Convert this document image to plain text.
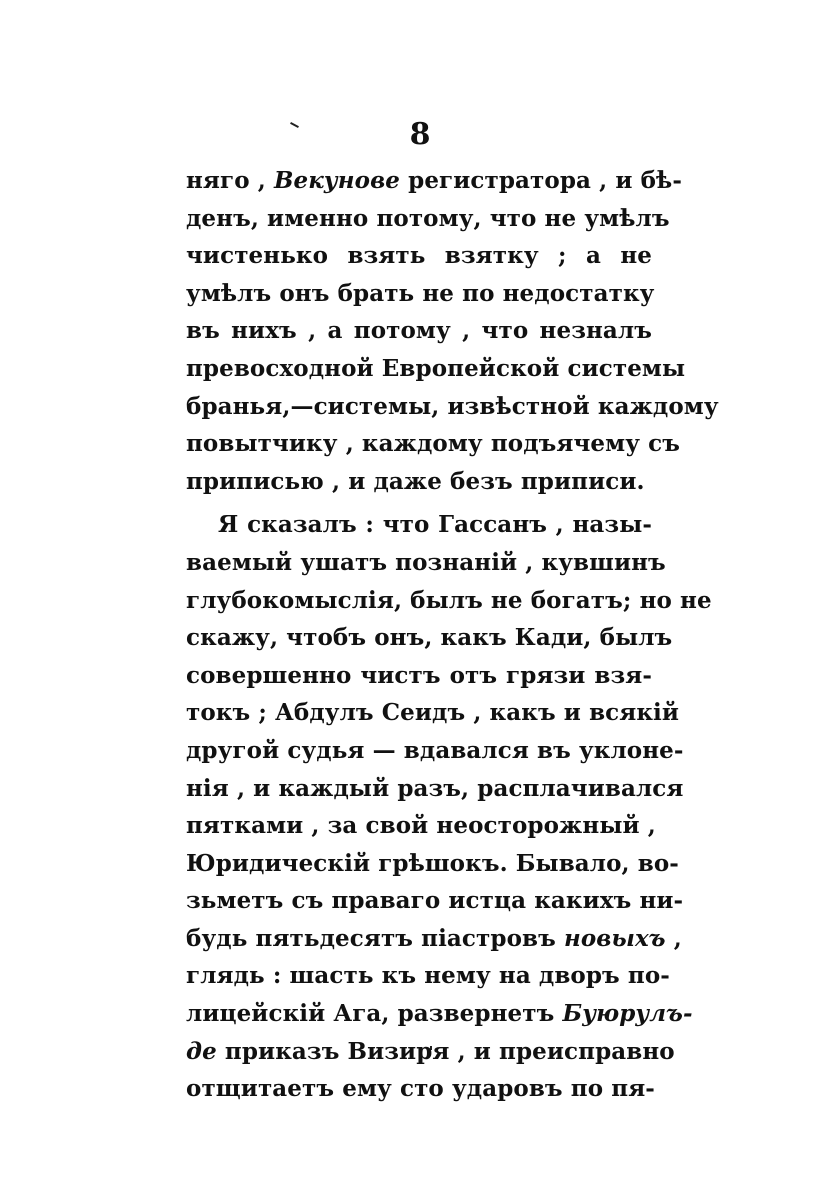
8
няго , Векунове регистратора , и бѣ-
денъ, именно потому, что не умѣлъ
чистенько взять взятку ; а не
умѣлъ онъ брать не по недостатку
въ нихъ , а потому , что незналъ
превосходной Европейской системы
бранья,—системы, извѣстной каждому
повытчику , каждому подъячему съ
приписью , и даже безъ приписи.
Я сказалъ : что Гассанъ , назы-
ваемый ушатъ познаній , кувшинъ
глубокомыслія, былъ не богатъ; но не
скажу, чтобъ онъ, какъ Кади, былъ
совершенно чистъ отъ грязи взя-
токъ ; Абдулъ Сеидъ , какъ и всякій
другой судья — вдавался въ уклоне-
нія , и каждый разъ, расплачивался
пятками , за свой неосторожный ,
Юридическій грѣшокъ. Бывало, во-
зьметъ съ праваго истца какихъ ни-
будь пятьдесятъ піастровъ новыхъ ,
глядь : шасть къ нему на дворъ по-
лицейскій Ага, развернетъ Буюрулъ-
де приказъ Визиря , и преисправно
отщитаетъ ему сто ударовъ по пя-
